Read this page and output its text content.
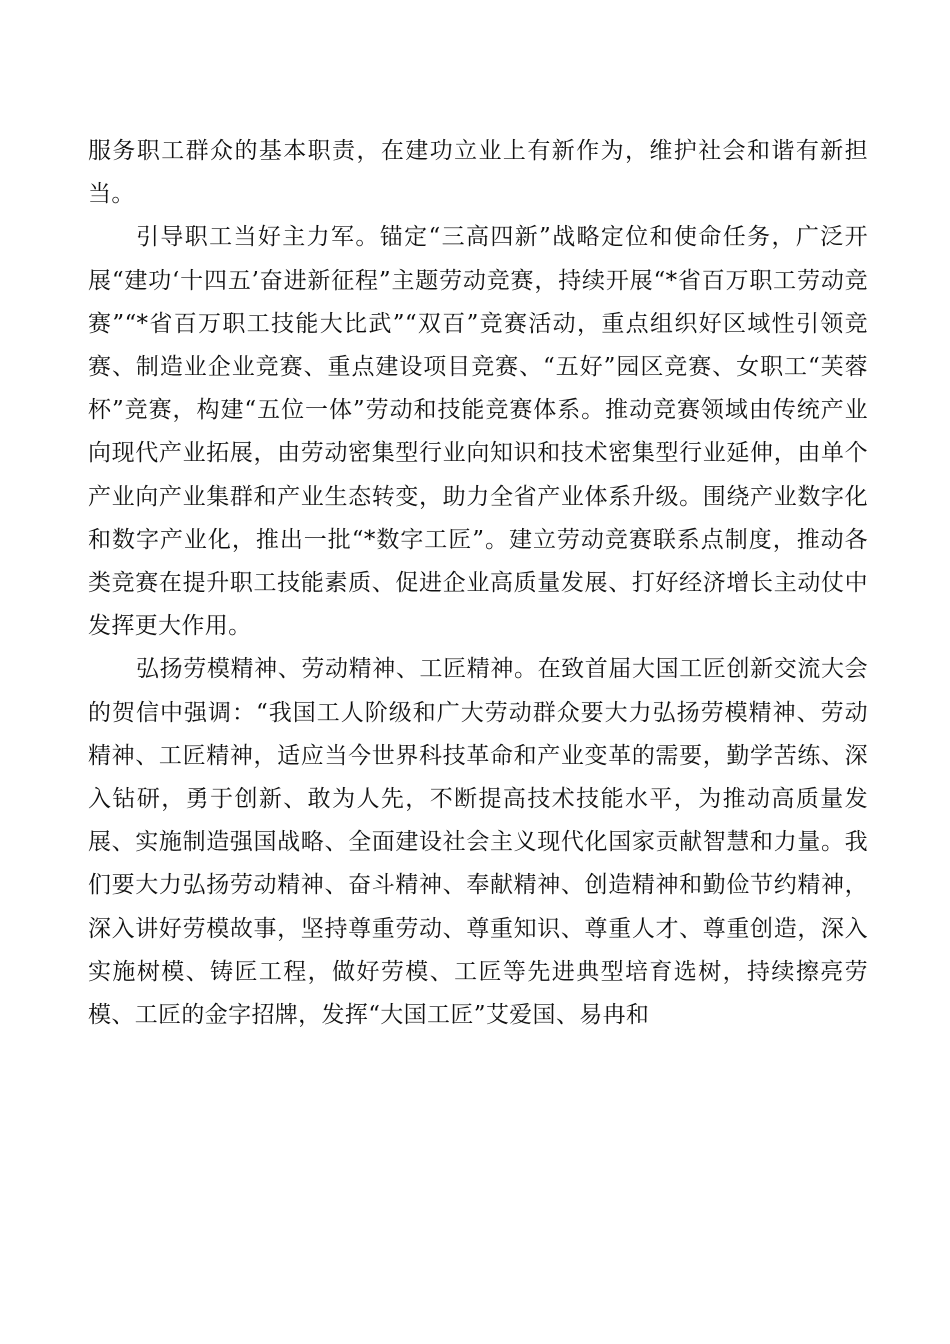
服务职工群众的基本职责，在建功立业上有新作为，维护社会和谐有新担当。

引导职工当好主力军。锚定“三高四新”战略定位和使命任务，广泛开展“建功‘十四五’奋进新征程”主题劳动竞赛，持续开展“*省百万职工劳动竞赛”“*省百万职工技能大比武”“双百”竞赛活动，重点组织好区域性引领竞赛、制造业企业竞赛、重点建设项目竞赛、“五好”园区竞赛、女职工“芙蓉杯”竞赛，构建“五位一体”劳动和技能竞赛体系。推动竞赛领域由传统产业向现代产业拓展，由劳动密集型行业向知识和技术密集型行业延伸，由单个产业向产业集群和产业生态转变，助力全省产业体系升级。围绕产业数字化和数字产业化，推出一批“*数字工匠”。建立劳动竞赛联系点制度，推动各类竞赛在提升职工技能素质、促进企业高质量发展、打好经济增长主动仗中发挥更大作用。

弘扬劳模精神、劳动精神、工匠精神。在致首届大国工匠创新交流大会的贺信中强调：“我国工人阶级和广大劳动群众要大力弘扬劳模精神、劳动精神、工匠精神，适应当今世界科技革命和产业变革的需要，勤学苦练、深入钻研，勇于创新、敢为人先，不断提高技术技能水平，为推动高质量发展、实施制造强国战略、全面建设社会主义现代化国家贡献智慧和力量。我们要大力弘扬劳动精神、奋斗精神、奉献精神、创造精神和勤俭节约精神，深入讲好劳模故事，坚持尊重劳动、尊重知识、尊重人才、尊重创造，深入实施树模、铸匠工程，做好劳模、工匠等先进典型培育选树，持续擦亮劳模、工匠的金字招牌，发挥“大国工匠”艾爱国、易冉和
